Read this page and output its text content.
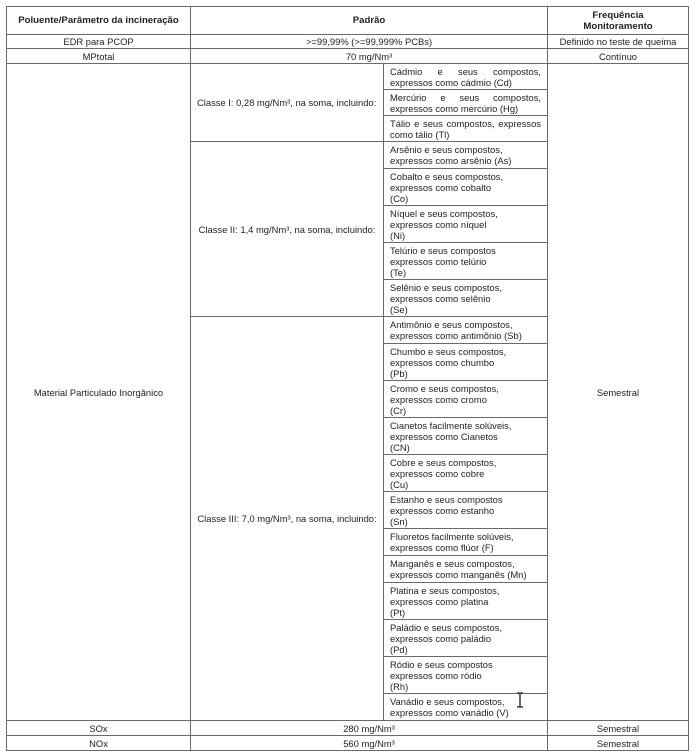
Poluente/Parâmetro da incineração	Padrão		Frequência
Monitoramento
EDR para PCOP	>=99,99% (>=99,999% PCBs)		Definido no teste de queima
MPtotal	70 mg/Nm³		Contínuo
Material Particulado Inorgânico	Classe I: 0,28 mg/Nm³, na soma, incluindo:	Cádmio e seus compostos, expressos como cádmio (Cd)	Semestral
		Mercúrio e seus compostos, expressos como mercúrio (Hg)	
		Tálio e seus compostos, expressos como tálio (Tl)	
	Classe II: 1,4 mg/Nm³, na soma, incluindo:	Arsênio e seus compostos,
expressos como arsênio (As)	

		Cobalto e seus compostos,
expressos como cobalto
(Co)	

		Níquel e seus compostos,
expressos como níquel
(Ni)	

		Telúrio e seus compostos
expressos como telúrio
(Te)	

		Selênio e seus compostos,
expressos como selênio
(Se)	

	Classe III: 7,0 mg/Nm³, na soma, incluindo:	Antimônio e seus compostos,
expressos como antimônio (Sb)	

		Chumbo e seus compostos,
expressos como chumbo
(Pb)	

		Cromo e seus compostos,
expressos como cromo
(Cr)	

		Cianetos facilmente solúveis,
expressos como Cianetos
(CN)	

		Cobre e seus compostos,
expressos como cobre
(Cu)	

		Estanho e seus compostos
expressos como estanho
(Sn)	

		Fluoretos facilmente solúveis,
expressos como flúor (F)	

		Manganês e seus compostos,
expressos como manganês (Mn)	

		Platina e seus compostos,
expressos como platina
(Pt)	

		Paládio e seus compostos,
expressos como paládio
(Pd)	

		Ródio e seus compostos
expressos como ródio
(Rh)	

		Vanádio e seus compostos,
expressos como vanádio (V)	

SOx	280 mg/Nm³		Semestral
NOx	560 mg/Nm³		Semestral
